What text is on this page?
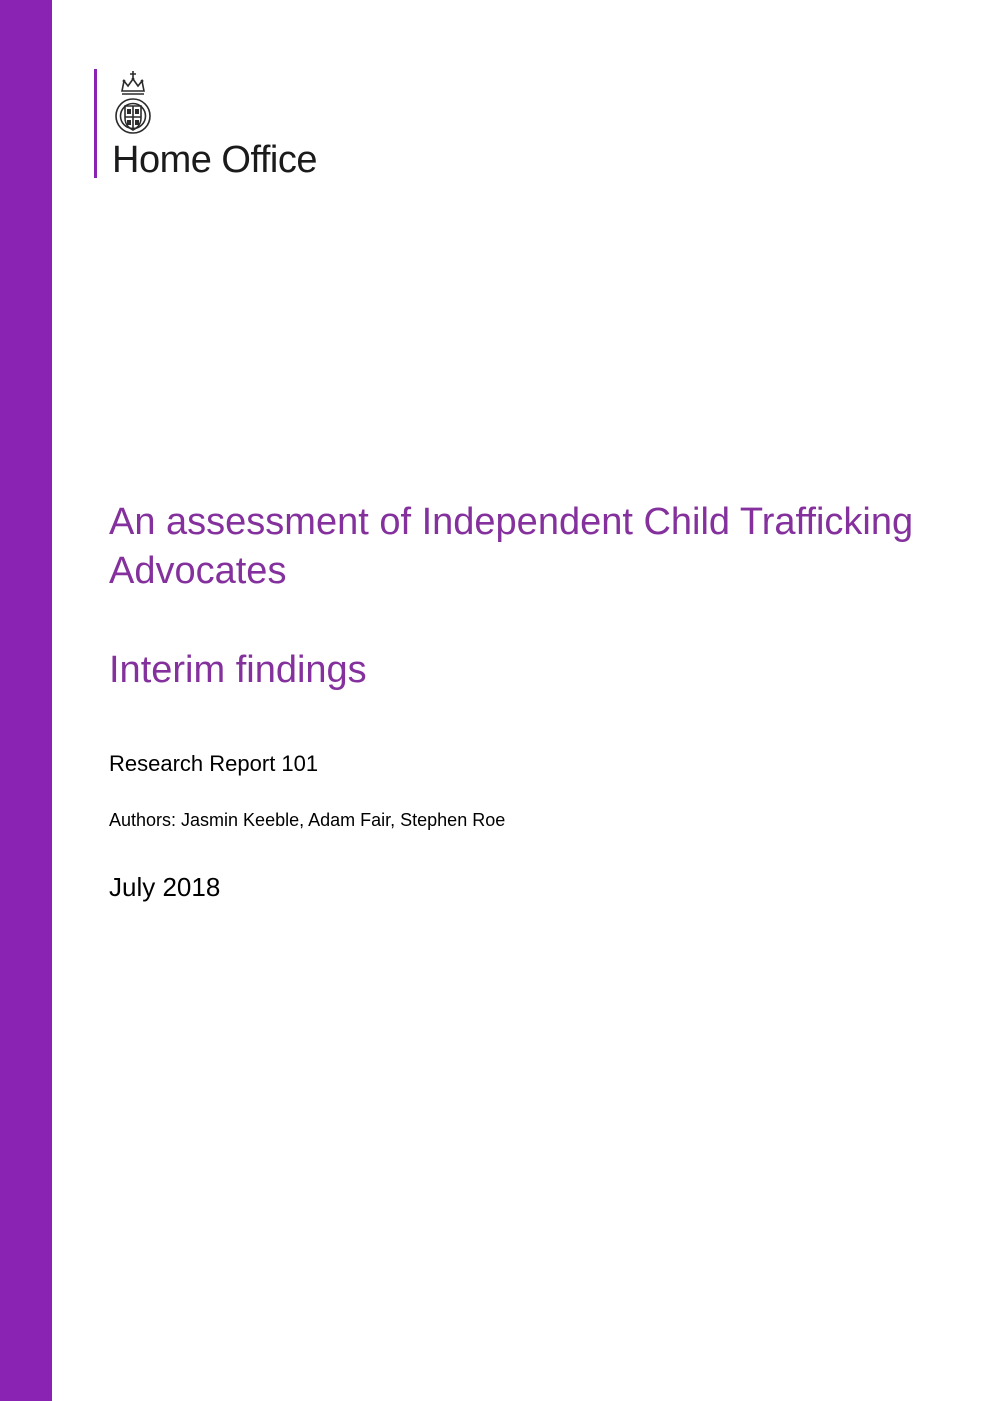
Home Office
An assessment of Independent Child Trafficking Advocates
Interim findings
Research Report 101
Authors: Jasmin Keeble, Adam Fair, Stephen Roe
July 2018
